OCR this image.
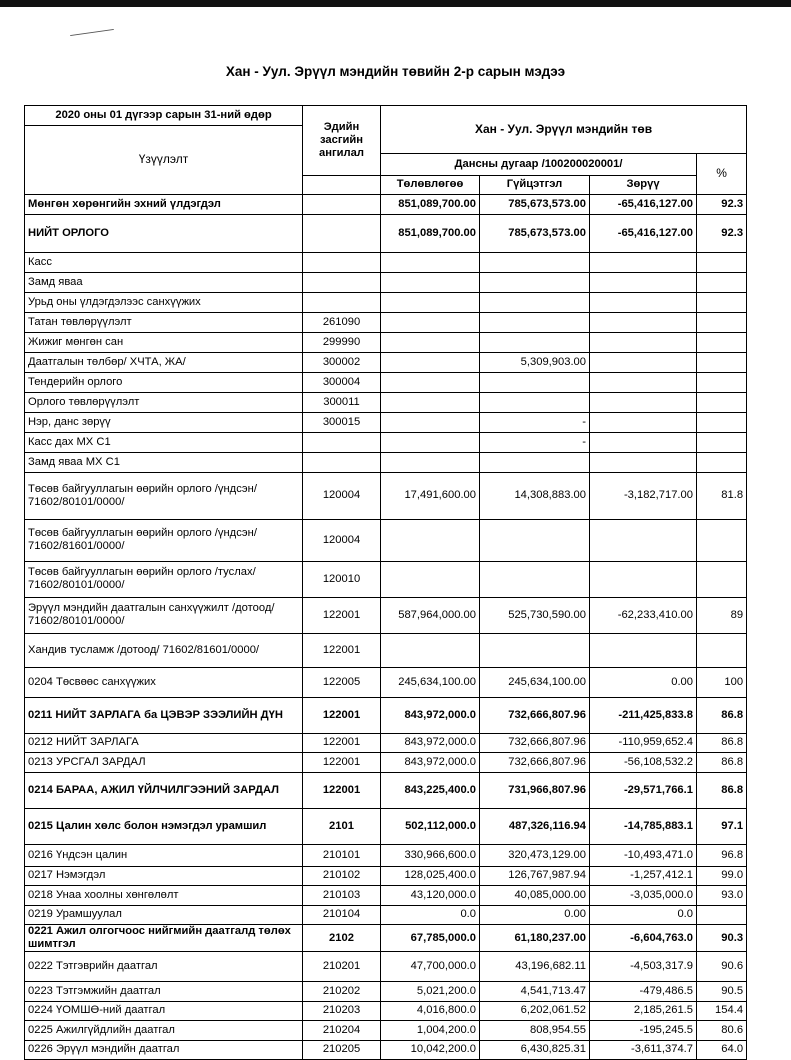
Хан - Уул. Эрүүл мэндийн төвийн 2-р сарын мэдээ
2020 оны 01 дүгээр сарын 31-ний өдөр	Эдийн засгийн ангилал	Хан - Уул. Эрүүл мэндийн төв			
Үзүүлэлт					
		Дансны дугаар /100200020001/			%
		Төлөвлөгөө	Гүйцэтгэл	Зөрүү	
Мөнгөн хөрөнгийн эхний үлдэгдэл		851,089,700.00	785,673,573.00	-65,416,127.00	92.3
НИЙТ ОРЛОГО		851,089,700.00	785,673,573.00	-65,416,127.00	92.3
Касс					
Замд яваа					
Урьд оны үлдэгдэлээс санхүүжих					
Татан төвлөрүүлэлт	261090				
Жижиг мөнгөн сан	299990				
Даатгалын төлбөр/ ХЧТА, ЖА/	300002		5,309,903.00		
Тендерийн орлого	300004				
Орлого төвлөрүүлэлт	300011				
Нэр, данс зөрүү	300015		-		
Касс дах МХ С1			-		
Замд яваа МХ С1					
Төсөв байгууллагын өөрийн орлого /үндсэн/ 71602/80101/0000/	120004	17,491,600.00	14,308,883.00	-3,182,717.00	81.8
Төсөв байгууллагын өөрийн орлого /үндсэн/ 71602/81601/0000/	120004				
Төсөв байгууллагын өөрийн орлого /туслах/ 71602/80101/0000/	120010				
Эрүүл мэндийн даатгалын санхүүжилт /дотоод/ 71602/80101/0000/	122001	587,964,000.00	525,730,590.00	-62,233,410.00	89
Хандив тусламж /дотоод/ 71602/81601/0000/	122001				
0204 Төсвөөс санхүүжих	122005	245,634,100.00	245,634,100.00	0.00	100
0211 НИЙТ ЗАРЛАГА ба ЦЭВЭР ЗЭЭЛИЙН ДҮН	122001	843,972,000.0	732,666,807.96	-211,425,833.8	86.8
0212 НИЙТ ЗАРЛАГА	122001	843,972,000.0	732,666,807.96	-110,959,652.4	86.8
0213 УРСГАЛ ЗАРДАЛ	122001	843,972,000.0	732,666,807.96	-56,108,532.2	86.8
0214 БАРАА, АЖИЛ ҮЙЛЧИЛГЭЭНИЙ ЗАРДАЛ	122001	843,225,400.0	731,966,807.96	-29,571,766.1	86.8
0215 Цалин хөлс болон нэмэгдэл урамшил	2101	502,112,000.0	487,326,116.94	-14,785,883.1	97.1
0216 Үндсэн цалин	210101	330,966,600.0	320,473,129.00	-10,493,471.0	96.8
0217 Нэмэгдэл	210102	128,025,400.0	126,767,987.94	-1,257,412.1	99.0
0218 Унаа хоолны хөнгөлөлт	210103	43,120,000.0	40,085,000.00	-3,035,000.0	93.0
0219 Урамшуулал	210104	0.0	0.00	0.0	
0221 Ажил олгогчоос нийгмийн даатгалд төлөх шимтгэл	2102	67,785,000.0	61,180,237.00	-6,604,763.0	90.3
0222 Тэтгэврийн даатгал	210201	47,700,000.0	43,196,682.11	-4,503,317.9	90.6
0223 Тэтгэмжийн даатгал	210202	5,021,200.0	4,541,713.47	-479,486.5	90.5
0224 ҮОМШӨ-ний даатгал	210203	4,016,800.0	6,202,061.52	2,185,261.5	154.4
0225 Ажилгүйдлийн даатгал	210204	1,004,200.0	808,954.55	-195,245.5	80.6
0226 Эрүүл мэндийн даатгал	210205	10,042,200.0	6,430,825.31	-3,611,374.7	64.0
